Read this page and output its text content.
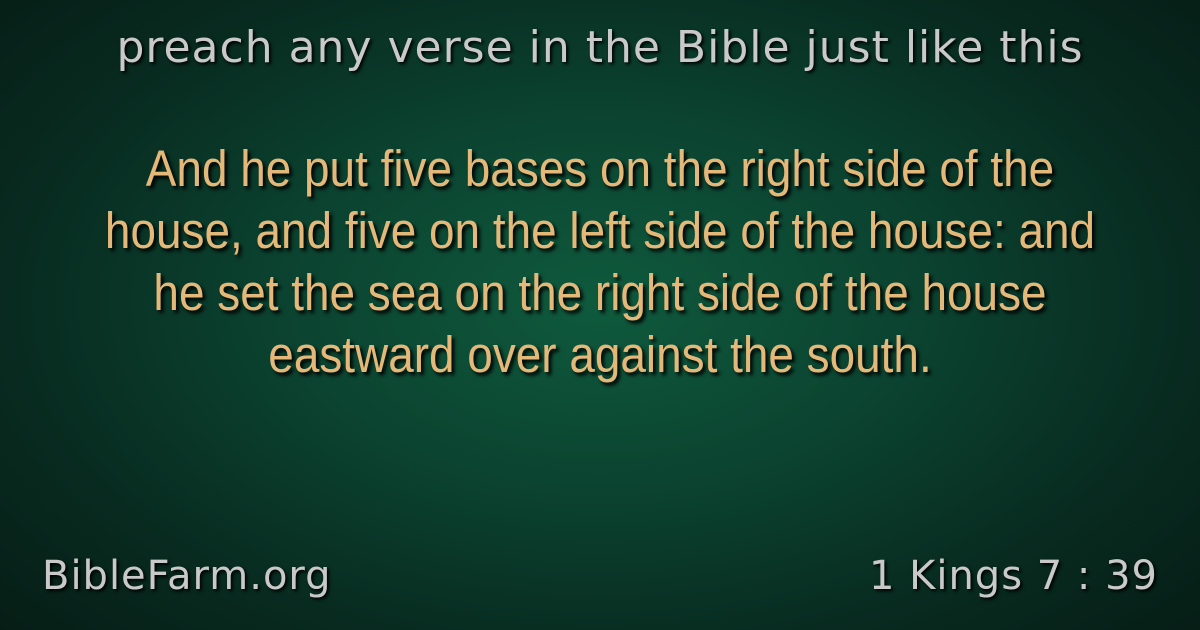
preach any verse in the Bible just like this
And he put five bases on the right side of the house, and five on the left side of the house: and he set the sea on the right side of the house eastward over against the south.
BibleFarm.org	1 Kings 7 : 39
